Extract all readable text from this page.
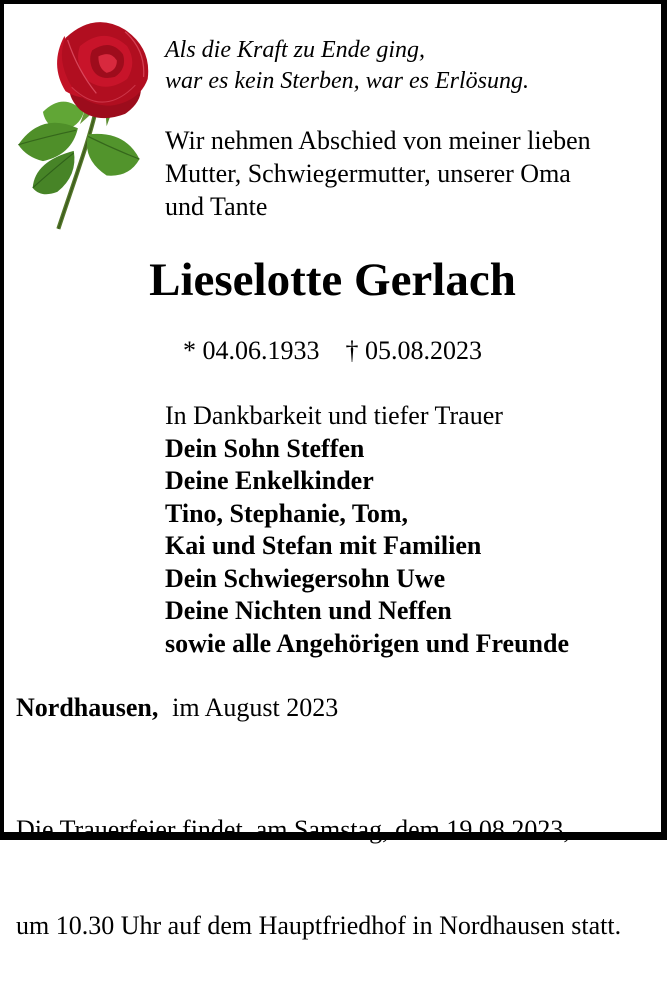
Als die Kraft zu Ende ging,
war es kein Sterben, war es Erlösung.
Wir nehmen Abschied von meiner lieben
Mutter, Schwiegermutter, unserer Oma
und Tante
Lieselotte Gerlach
* 04.06.1933 † 05.08.2023
In Dankbarkeit und tiefer Trauer
Dein Sohn Steffen
Deine Enkelkinder
Tino, Stephanie, Tom,
Kai und Stefan mit Familien
Dein Schwiegersohn Uwe
Deine Nichten und Neffen
sowie alle Angehörigen und Freunde
Nordhausen, im August 2023

Die Trauerfeier findet  am Samstag, dem 19.08.2023,

um 10.30 Uhr auf dem Hauptfriedhof in Nordhausen statt.
